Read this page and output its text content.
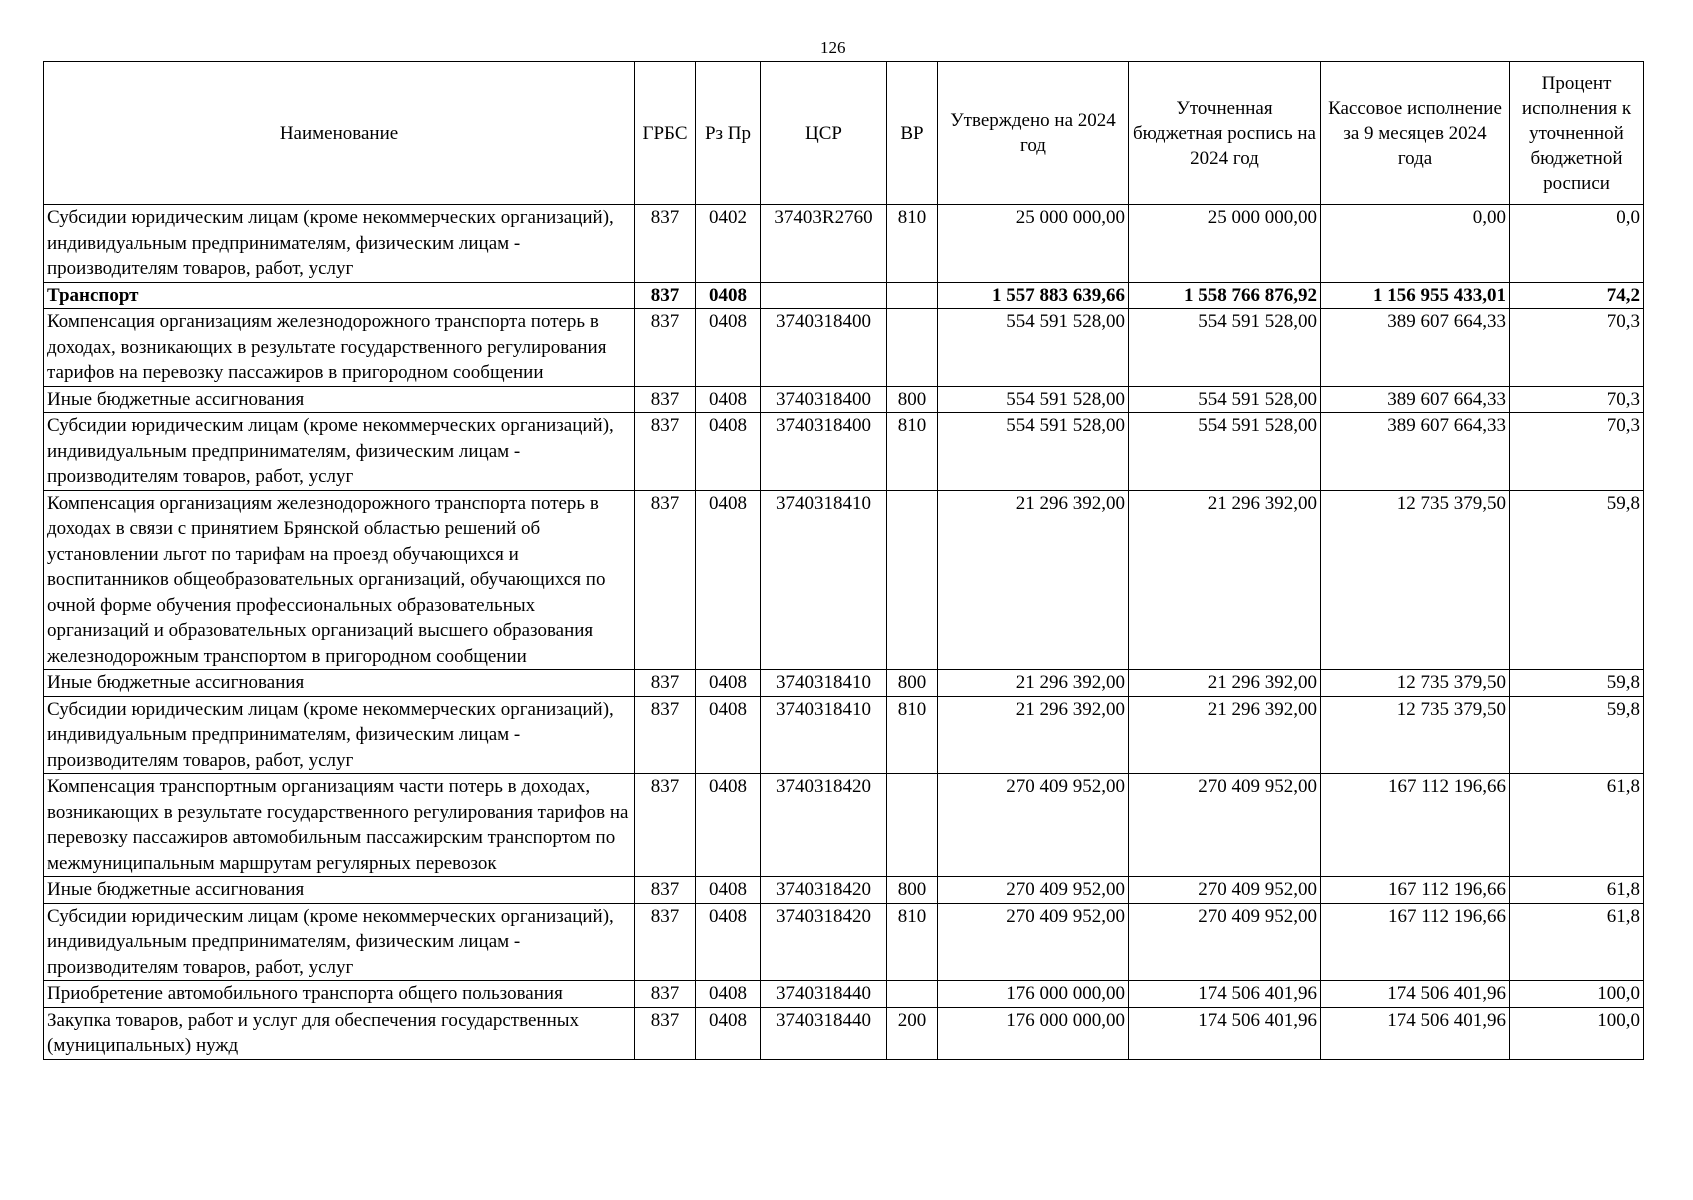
126
Наименование	ГРБС	Рз Пр	ЦСР	ВР	Утверждено на 2024 год	Уточненная бюджетная роспись на 2024 год	Кассовое исполнение за 9 месяцев 2024 года	Процент исполнения к уточненной бюджетной росписи
Субсидии юридическим лицам (кроме некоммерческих организаций), индивидуальным предпринимателям, физическим лицам - производителям товаров, работ, услуг	837	0402	37403R2760	810	25 000 000,00	25 000 000,00	0,00	0,0
Транспорт	837	0408			1 557 883 639,66	1 558 766 876,92	1 156 955 433,01	74,2
Компенсация организациям железнодорожного транспорта потерь в доходах, возникающих в результате государственного регулирования тарифов на перевозку пассажиров в пригородном сообщении	837	0408	3740318400		554 591 528,00	554 591 528,00	389 607 664,33	70,3
Иные бюджетные ассигнования	837	0408	3740318400	800	554 591 528,00	554 591 528,00	389 607 664,33	70,3
Субсидии юридическим лицам (кроме некоммерческих организаций), индивидуальным предпринимателям, физическим лицам - производителям товаров, работ, услуг	837	0408	3740318400	810	554 591 528,00	554 591 528,00	389 607 664,33	70,3
Компенсация организациям железнодорожного транспорта потерь в доходах в связи с принятием Брянской областью решений об установлении льгот по тарифам на проезд обучающихся и воспитанников общеобразовательных организаций, обучающихся по очной форме обучения профессиональных образовательных организаций и образовательных организаций высшего образования железнодорожным транспортом в пригородном сообщении	837	0408	3740318410		21 296 392,00	21 296 392,00	12 735 379,50	59,8
Иные бюджетные ассигнования	837	0408	3740318410	800	21 296 392,00	21 296 392,00	12 735 379,50	59,8
Субсидии юридическим лицам (кроме некоммерческих организаций), индивидуальным предпринимателям, физическим лицам - производителям товаров, работ, услуг	837	0408	3740318410	810	21 296 392,00	21 296 392,00	12 735 379,50	59,8
Компенсация транспортным организациям части потерь в доходах, возникающих в результате государственного регулирования тарифов на перевозку пассажиров автомобильным пассажирским транспортом по межмуниципальным маршрутам регулярных перевозок	837	0408	3740318420		270 409 952,00	270 409 952,00	167 112 196,66	61,8
Иные бюджетные ассигнования	837	0408	3740318420	800	270 409 952,00	270 409 952,00	167 112 196,66	61,8
Субсидии юридическим лицам (кроме некоммерческих организаций), индивидуальным предпринимателям, физическим лицам - производителям товаров, работ, услуг	837	0408	3740318420	810	270 409 952,00	270 409 952,00	167 112 196,66	61,8
Приобретение автомобильного транспорта общего пользования	837	0408	3740318440		176 000 000,00	174 506 401,96	174 506 401,96	100,0
Закупка товаров, работ и услуг для обеспечения государственных (муниципальных) нужд	837	0408	3740318440	200	176 000 000,00	174 506 401,96	174 506 401,96	100,0
